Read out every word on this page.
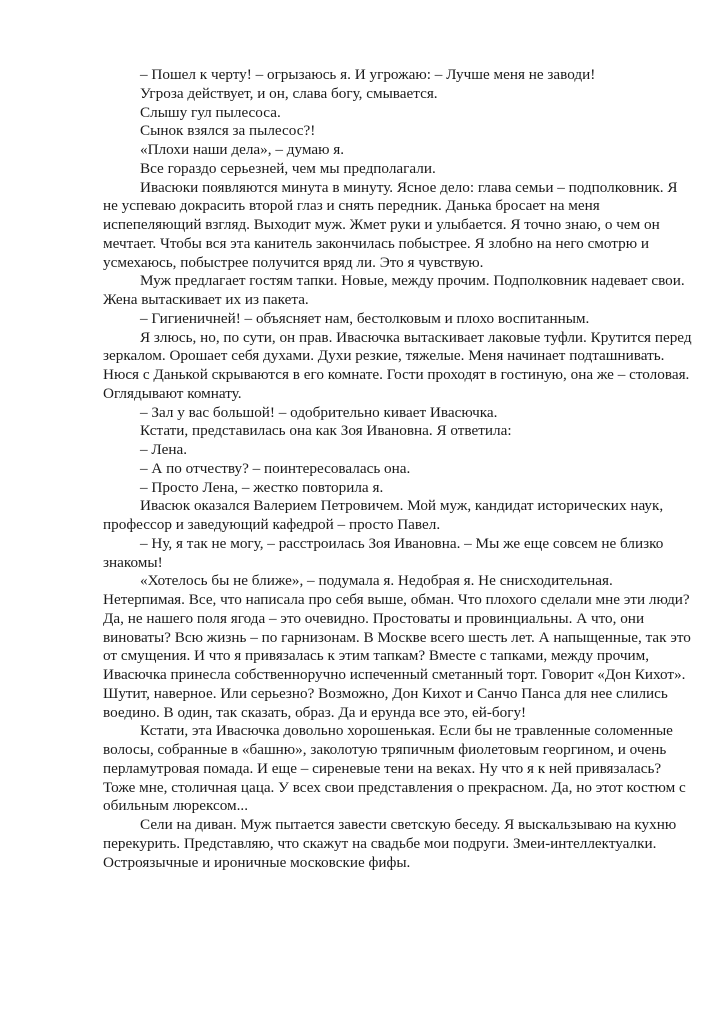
– Пошел к черту! – огрызаюсь я. И угрожаю: – Лучше меня не заводи!
Угроза действует, и он, слава богу, смывается.
Слышу гул пылесоса.
Сынок взялся за пылесос?!
«Плохи наши дела», – думаю я.
Все гораздо серьезней, чем мы предполагали.
Ивасюки появляются минута в минуту. Ясное дело: глава семьи – подполковник. Я
не успеваю докрасить второй глаз и снять передник. Данька бросает на меня
испепеляющий взгляд. Выходит муж. Жмет руки и улыбается. Я точно знаю, о чем он
мечтает. Чтобы вся эта канитель закончилась побыстрее. Я злобно на него смотрю и
усмехаюсь, побыстрее получится вряд ли. Это я чувствую.
Муж предлагает гостям тапки. Новые, между прочим. Подполковник надевает свои.
Жена вытаскивает их из пакета.
– Гигиеничней! – объясняет нам, бестолковым и плохо воспитанным.
Я злюсь, но, по сути, он прав. Ивасючка вытаскивает лаковые туфли. Крутится перед
зеркалом. Орошает себя духами. Духи резкие, тяжелые. Меня начинает подташнивать.
Нюся с Данькой скрываются в его комнате. Гости проходят в гостиную, она же – столовая.
Оглядывают комнату.
– Зал у вас большой! – одобрительно кивает Ивасючка.
Кстати, представилась она как Зоя Ивановна. Я ответила:
– Лена.
– А по отчеству? – поинтересовалась она.
– Просто Лена, – жестко повторила я.
Ивасюк оказался Валерием Петровичем. Мой муж, кандидат исторических наук,
профессор и заведующий кафедрой – просто Павел.
– Ну, я так не могу, – расстроилась Зоя Ивановна. – Мы же еще совсем не близко
знакомы!
«Хотелось бы не ближе», – подумала я. Недобрая я. Не снисходительная.
Нетерпимая. Все, что написала про себя выше, обман. Что плохого сделали мне эти люди?
Да, не нашего поля ягода – это очевидно. Простоваты и провинциальны. А что, они
виноваты? Всю жизнь – по гарнизонам. В Москве всего шесть лет. А напыщенные, так это
от смущения. И что я привязалась к этим тапкам? Вместе с тапками, между прочим,
Ивасючка принесла собственноручно испеченный сметанный торт. Говорит «Дон Кихот».
Шутит, наверное. Или серьезно? Возможно, Дон Кихот и Санчо Панса для нее слились
воедино. В один, так сказать, образ. Да и ерунда все это, ей-богу!
Кстати, эта Ивасючка довольно хорошенькая. Если бы не травленные соломенные
волосы, собранные в «башню», заколотую тряпичным фиолетовым георгином, и очень
перламутровая помада. И еще – сиреневые тени на веках. Ну что я к ней привязалась?
Тоже мне, столичная цаца. У всех свои представления о прекрасном. Да, но этот костюм с
обильным люрексом...
Сели на диван. Муж пытается завести светскую беседу. Я выскальзываю на кухню
перекурить. Представляю, что скажут на свадьбе мои подруги. Змеи-интеллектуалки.
Остроязычные и ироничные московские фифы.
